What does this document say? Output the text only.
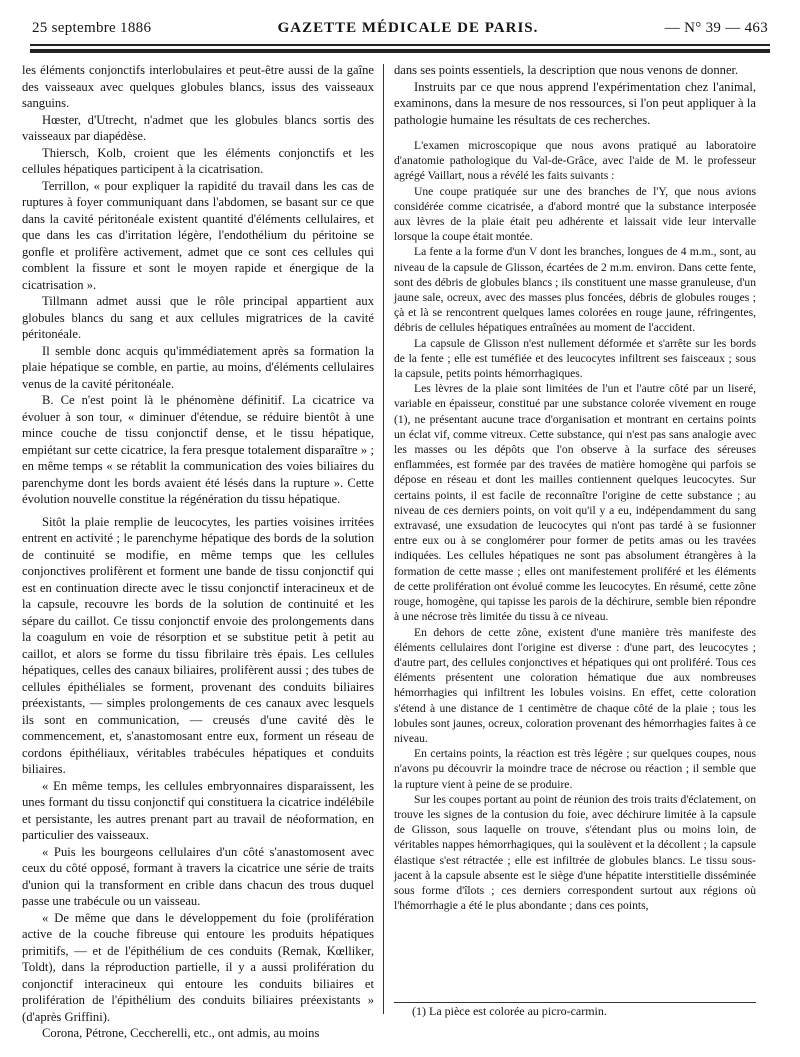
25 septembre 1886	GAZETTE MÉDICALE DE PARIS.	— N° 39 — 463

les éléments conjonctifs interlobulaires et peut-être aussi de la gaîne des vaisseaux avec quelques globules blancs, issus des vaisseaux sanguins.

Hœster, d'Utrecht, n'admet que les globules blancs sortis des vaisseaux par diapédèse.

Thiersch, Kolb, croient que les éléments conjonctifs et les cellules hépatiques participent à la cicatrisation.

Terrillon, « pour expliquer la rapidité du travail dans les cas de ruptures à foyer communiquant dans l'abdomen, se basant sur ce que dans la cavité péritonéale existent quantité d'éléments cellulaires, et que dans les cas d'irritation légère, l'endothélium du péritoine se gonfle et prolifère activement, admet que ce sont ces cellules qui comblent la fissure et sont le moyen rapide et énergique de la cicatrisation ».

Tillmann admet aussi que le rôle principal appartient aux globules blancs du sang et aux cellules migratrices de la cavité péritonéale.

Il semble donc acquis qu'immédiatement après sa formation la plaie hépatique se comble, en partie, au moins, d'éléments cellulaires venus de la cavité péritonéale.

B. Ce n'est point là le phénomène définitif. La cicatrice va évoluer à son tour, « diminuer d'étendue, se réduire bientôt à une mince couche de tissu conjonctif dense, et le tissu hépatique, empiétant sur cette cicatrice, la fera presque totalement disparaître » ; en même temps « se rétablit la communication des voies biliaires du parenchyme dont les bords avaient été lésés dans la rupture ». Cette évolution nouvelle constitue la régénération du tissu hépatique.

Sitôt la plaie remplie de leucocytes, les parties voisines irritées entrent en activité ; le parenchyme hépatique des bords de la solution de continuité se modifie, en même temps que les cellules conjonctives prolifèrent et forment une bande de tissu conjonctif qui est en continuation directe avec le tissu conjonctif interacineux et de la capsule, recouvre les bords de la solution de continuité et les sépare du caillot. Ce tissu conjonctif envoie des prolongements dans la coagulum en voie de résorption et se substitue petit à petit au caillot, et alors se forme du tissu fibrilaire très épais. Les cellules hépatiques, celles des canaux biliaires, prolifèrent aussi ; des tubes de cellules épithéliales se forment, provenant des conduits biliaires préexistants, — simples prolongements de ces canaux avec lesquels ils sont en communication, — creusés d'une cavité dès le commencement, et, s'anastomosant entre eux, forment un réseau de cordons épithéliaux, véritables trabécules hépatiques et conduits biliaires.

« En même temps, les cellules embryonnaires disparaissent, les unes formant du tissu conjonctif qui constituera la cicatrice indélébile et persistante, les autres prenant part au travail de néoformation, en particulier des vaisseaux.

« Puis les bourgeons cellulaires d'un côté s'anastomosent avec ceux du côté opposé, formant à travers la cicatrice une série de traits d'union qui la transforment en crible dans chacun des trous duquel passe une trabécule ou un vaisseau.

« De même que dans le développement du foie (prolifération active de la couche fibreuse qui entoure les produits hépatiques primitifs, — et de l'épithélium de ces conduits (Remak, Kœlliker, Toldt), dans la réproduction partielle, il y a aussi prolifération du conjonctif interacineux qui entoure les conduits biliaires et prolifération de l'épithélium des conduits biliaires préexistants » (d'après Griffini).

Corona, Pétrone, Ceccherelli, etc., ont admis, au moins

dans ses points essentiels, la description que nous venons de donner.

Instruits par ce que nous apprend l'expérimentation chez l'animal, examinons, dans la mesure de nos ressources, si l'on peut appliquer à la pathologie humaine les résultats de ces recherches.

L'examen microscopique que nous avons pratiqué au laboratoire d'anatomie pathologique du Val-de-Grâce, avec l'aide de M. le professeur agrégé Vaillart, nous a révélé les faits suivants :

Une coupe pratiquée sur une des branches de l'Y, que nous avions considérée comme cicatrisée, a d'abord montré que la substance interposée aux lèvres de la plaie était peu adhérente et laissait vide leur intervalle lorsque la coupe était montée.

La fente a la forme d'un V dont les branches, longues de 4 m.m., sont, au niveau de la capsule de Glisson, écartées de 2 m.m. environ. Dans cette fente, sont des débris de globules blancs ; ils constituent une masse granuleuse, d'un jaune sale, ocreux, avec des masses plus foncées, débris de globules rouges ; çà et là se rencontrent quelques lames colorées en rouge jaune, réfringentes, débris de cellules hépatiques entraînées au moment de l'accident.

La capsule de Glisson n'est nullement déformée et s'arrête sur les bords de la fente ; elle est tuméfiée et des leucocytes infiltrent ses faisceaux ; sous la capsule, petits points hémorrhagiques.

Les lèvres de la plaie sont limitées de l'un et l'autre côté par un liseré, variable en épaisseur, constitué par une substance colorée vivement en rouge (1), ne présentant aucune trace d'organisation et montrant en certains points un éclat vif, comme vitreux. Cette substance, qui n'est pas sans analogie avec les masses ou les dépôts que l'on observe à la surface des séreuses enflammées, est formée par des travées de matière homogène qui parfois se dépose en réseau et dont les mailles contiennent quelques leucocytes. Sur certains points, il est facile de reconnaître l'origine de cette substance ; au niveau de ces derniers points, on voit qu'il y a eu, indépendamment du sang extravasé, une exsudation de leucocytes qui n'ont pas tardé à se fusionner entre eux ou à se conglomérer pour former de petits amas ou les travées indiquées. Les cellules hépatiques ne sont pas absolument étrangères à la formation de cette masse ; elles ont manifestement proliféré et les éléments de cette prolifération ont évolué comme les leucocytes. En résumé, cette zône rouge, homogène, qui tapisse les parois de la déchirure, semble bien répondre à une nécrose très limitée du tissu à ce niveau.

En dehors de cette zône, existent d'une manière très manifeste des éléments cellulaires dont l'origine est diverse : d'une part, des leucocytes ; d'autre part, des cellules conjonctives et hépatiques qui ont proliféré. Tous ces éléments présentent une coloration hématique due aux nombreuses hémorrhagies qui infiltrent les lobules voisins. En effet, cette coloration s'étend à une distance de 1 centimètre de chaque côté de la plaie ; tous les lobules sont jaunes, ocreux, coloration provenant des hémorrhagies faites à ce niveau.

En certains points, la réaction est très légère ; sur quelques coupes, nous n'avons pu découvrir la moindre trace de nécrose ou réaction ; il semble que la rupture vient à peine de se produire.

Sur les coupes portant au point de réunion des trois traits d'éclatement, on trouve les signes de la contusion du foie, avec déchirure limitée à la capsule de Glisson, sous laquelle on trouve, s'étendant plus ou moins loin, de véritables nappes hémorrhagiques, qui la soulèvent et la décollent ; la capsule élastique s'est rétractée ; elle est infiltrée de globules blancs. Le tissu sous-jacent à la capsule absente est le siège d'une hépatite interstitielle disséminée sous forme d'îlots ; ces derniers correspondent surtout aux régions où l'hémorrhagie a été le plus abondante ; dans ces points,

(1) La pièce est colorée au picro-carmin.
